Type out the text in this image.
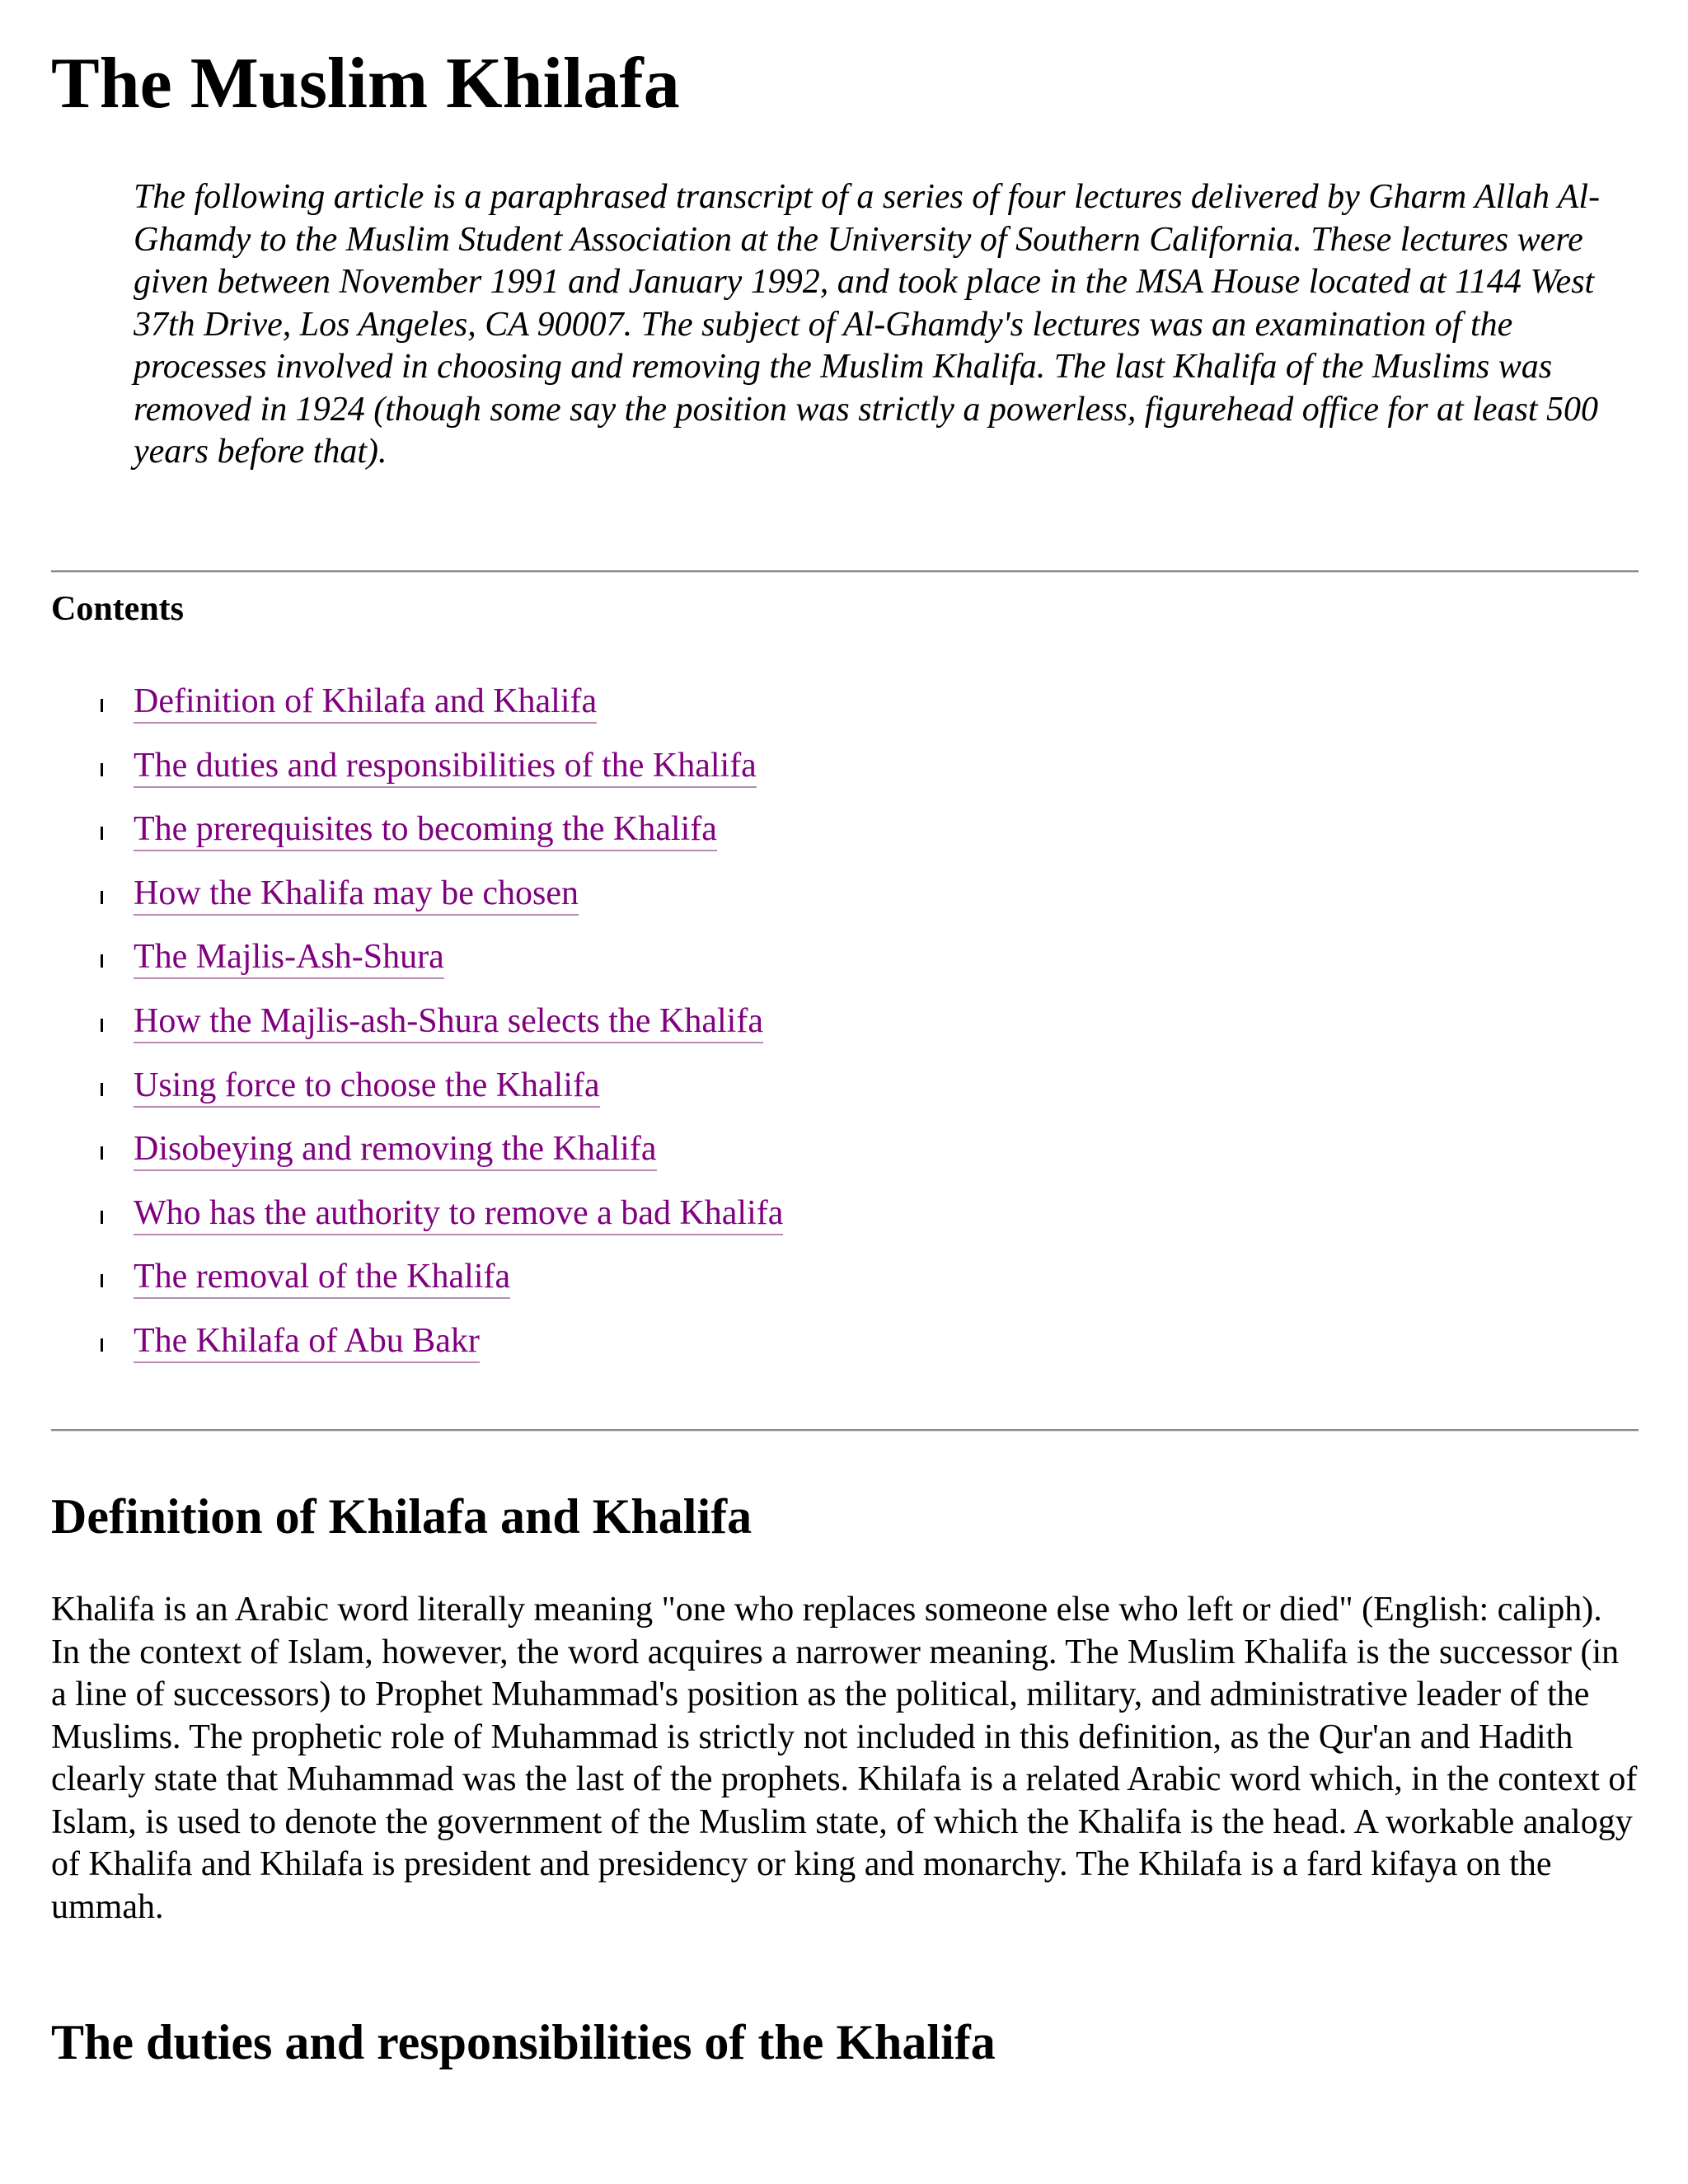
The Muslim Khilafa

The following article is a paraphrased transcript of a series of four lectures delivered by Gharm Allah Al-Ghamdy to the Muslim Student Association at the University of Southern California. These lectures were given between November 1991 and January 1992, and took place in the MSA House located at 1144 West 37th Drive, Los Angeles, CA 90007. The subject of Al-Ghamdy's lectures was an examination of the processes involved in choosing and removing the Muslim Khalifa. The last Khalifa of the Muslims was removed in 1924 (though some say the position was strictly a powerless, figurehead office for at least 500 years before that).

Contents
Definition of Khilafa and Khalifa
The duties and responsibilities of the Khalifa
The prerequisites to becoming the Khalifa
How the Khalifa may be chosen
The Majlis-Ash-Shura
How the Majlis-ash-Shura selects the Khalifa
Using force to choose the Khalifa
Disobeying and removing the Khalifa
Who has the authority to remove a bad Khalifa
The removal of the Khalifa
The Khilafa of Abu Bakr
Definition of Khilafa and Khalifa

Khalifa is an Arabic word literally meaning "one who replaces someone else who left or died" (English: caliph). In the context of Islam, however, the word acquires a narrower meaning. The Muslim Khalifa is the successor (in a line of successors) to Prophet Muhammad's position as the political, military, and administrative leader of the Muslims. The prophetic role of Muhammad is strictly not included in this definition, as the Qur'an and Hadith clearly state that Muhammad was the last of the prophets. Khilafa is a related Arabic word which, in the context of Islam, is used to denote the government of the Muslim state, of which the Khalifa is the head. A workable analogy of Khalifa and Khilafa is president and presidency or king and monarchy. The Khilafa is a fard kifaya on the ummah.

The duties and responsibilities of the Khalifa
